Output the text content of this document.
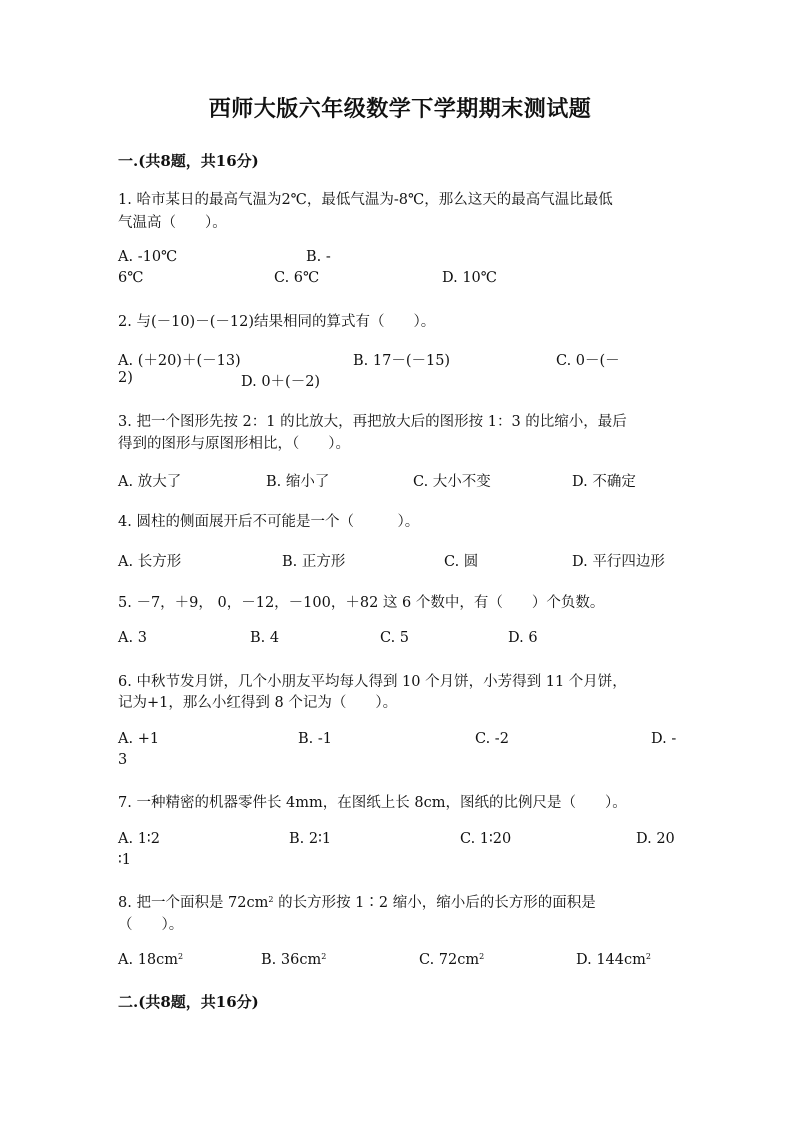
西师大版六年级数学下学期期末测试题
一.(共8题，共16分)
1. 哈市某日的最高气温为2℃，最低气温为-8℃，那么这天的最高气温比最低
气温高（　　）。
A. -10℃	B. -
6℃	C. 6℃	D. 10℃
2. 与(－10)－(－12)结果相同的算式有（　　）。
A. (＋20)＋(－13)	B. 17－(－15)	C. 0－(－
2)	D. 0＋(－2)
3. 把一个图形先按 2：1 的比放大，再把放大后的图形按 1：3 的比缩小，最后
得到的图形与原图形相比，（　　）。
A. 放大了	B. 缩小了	C. 大小不变	D. 不确定
4. 圆柱的侧面展开后不可能是一个（　　　）。
A. 长方形	B. 正方形	C. 圆	D. 平行四边形
5. －7，＋9， 0，－12，－100，＋82 这 6 个数中，有（　　）个负数。
A. 3	B. 4	C. 5	D. 6
6. 中秋节发月饼，几个小朋友平均每人得到 10 个月饼，小芳得到 11 个月饼，
记为+1，那么小红得到 8 个记为（　　）。
A. +1	B. -1	C. -2	D. -
3
7. 一种精密的机器零件长 4mm，在图纸上长 8cm，图纸的比例尺是（　　）。
A. 1∶2	B. 2∶1	C. 1∶20	D. 20
∶1
8. 把一个面积是 $72cm^2$ 的长方形按 1∶2 缩小，缩小后的长方形的面积是
（　　）。
A. $18cm^2$	B. $36cm^2$	C. $72cm^2$	D. $144cm^2$
二.(共8题，共16分)
